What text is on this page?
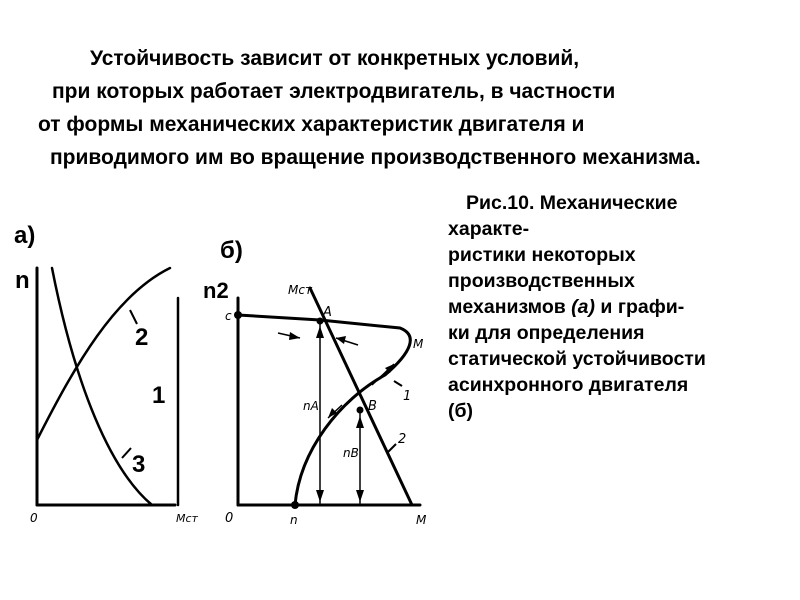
Устойчивость зависит от конкретных условий,
при которых работает электродвигатель, в частности
от формы механических характеристик двигателя и
приводимого им во вращение производственного механизма.
Рис.10. Механические
характе-
ристики некоторых
производственных
механизмов (а) и графи-
ки для определения
статической устойчивости
асинхронного двигателя
(б)
а)
n
2
1
3
0	Мст
б)
n2
c
Мст
A
M
1
B
nA
nB
2
0	n	M
